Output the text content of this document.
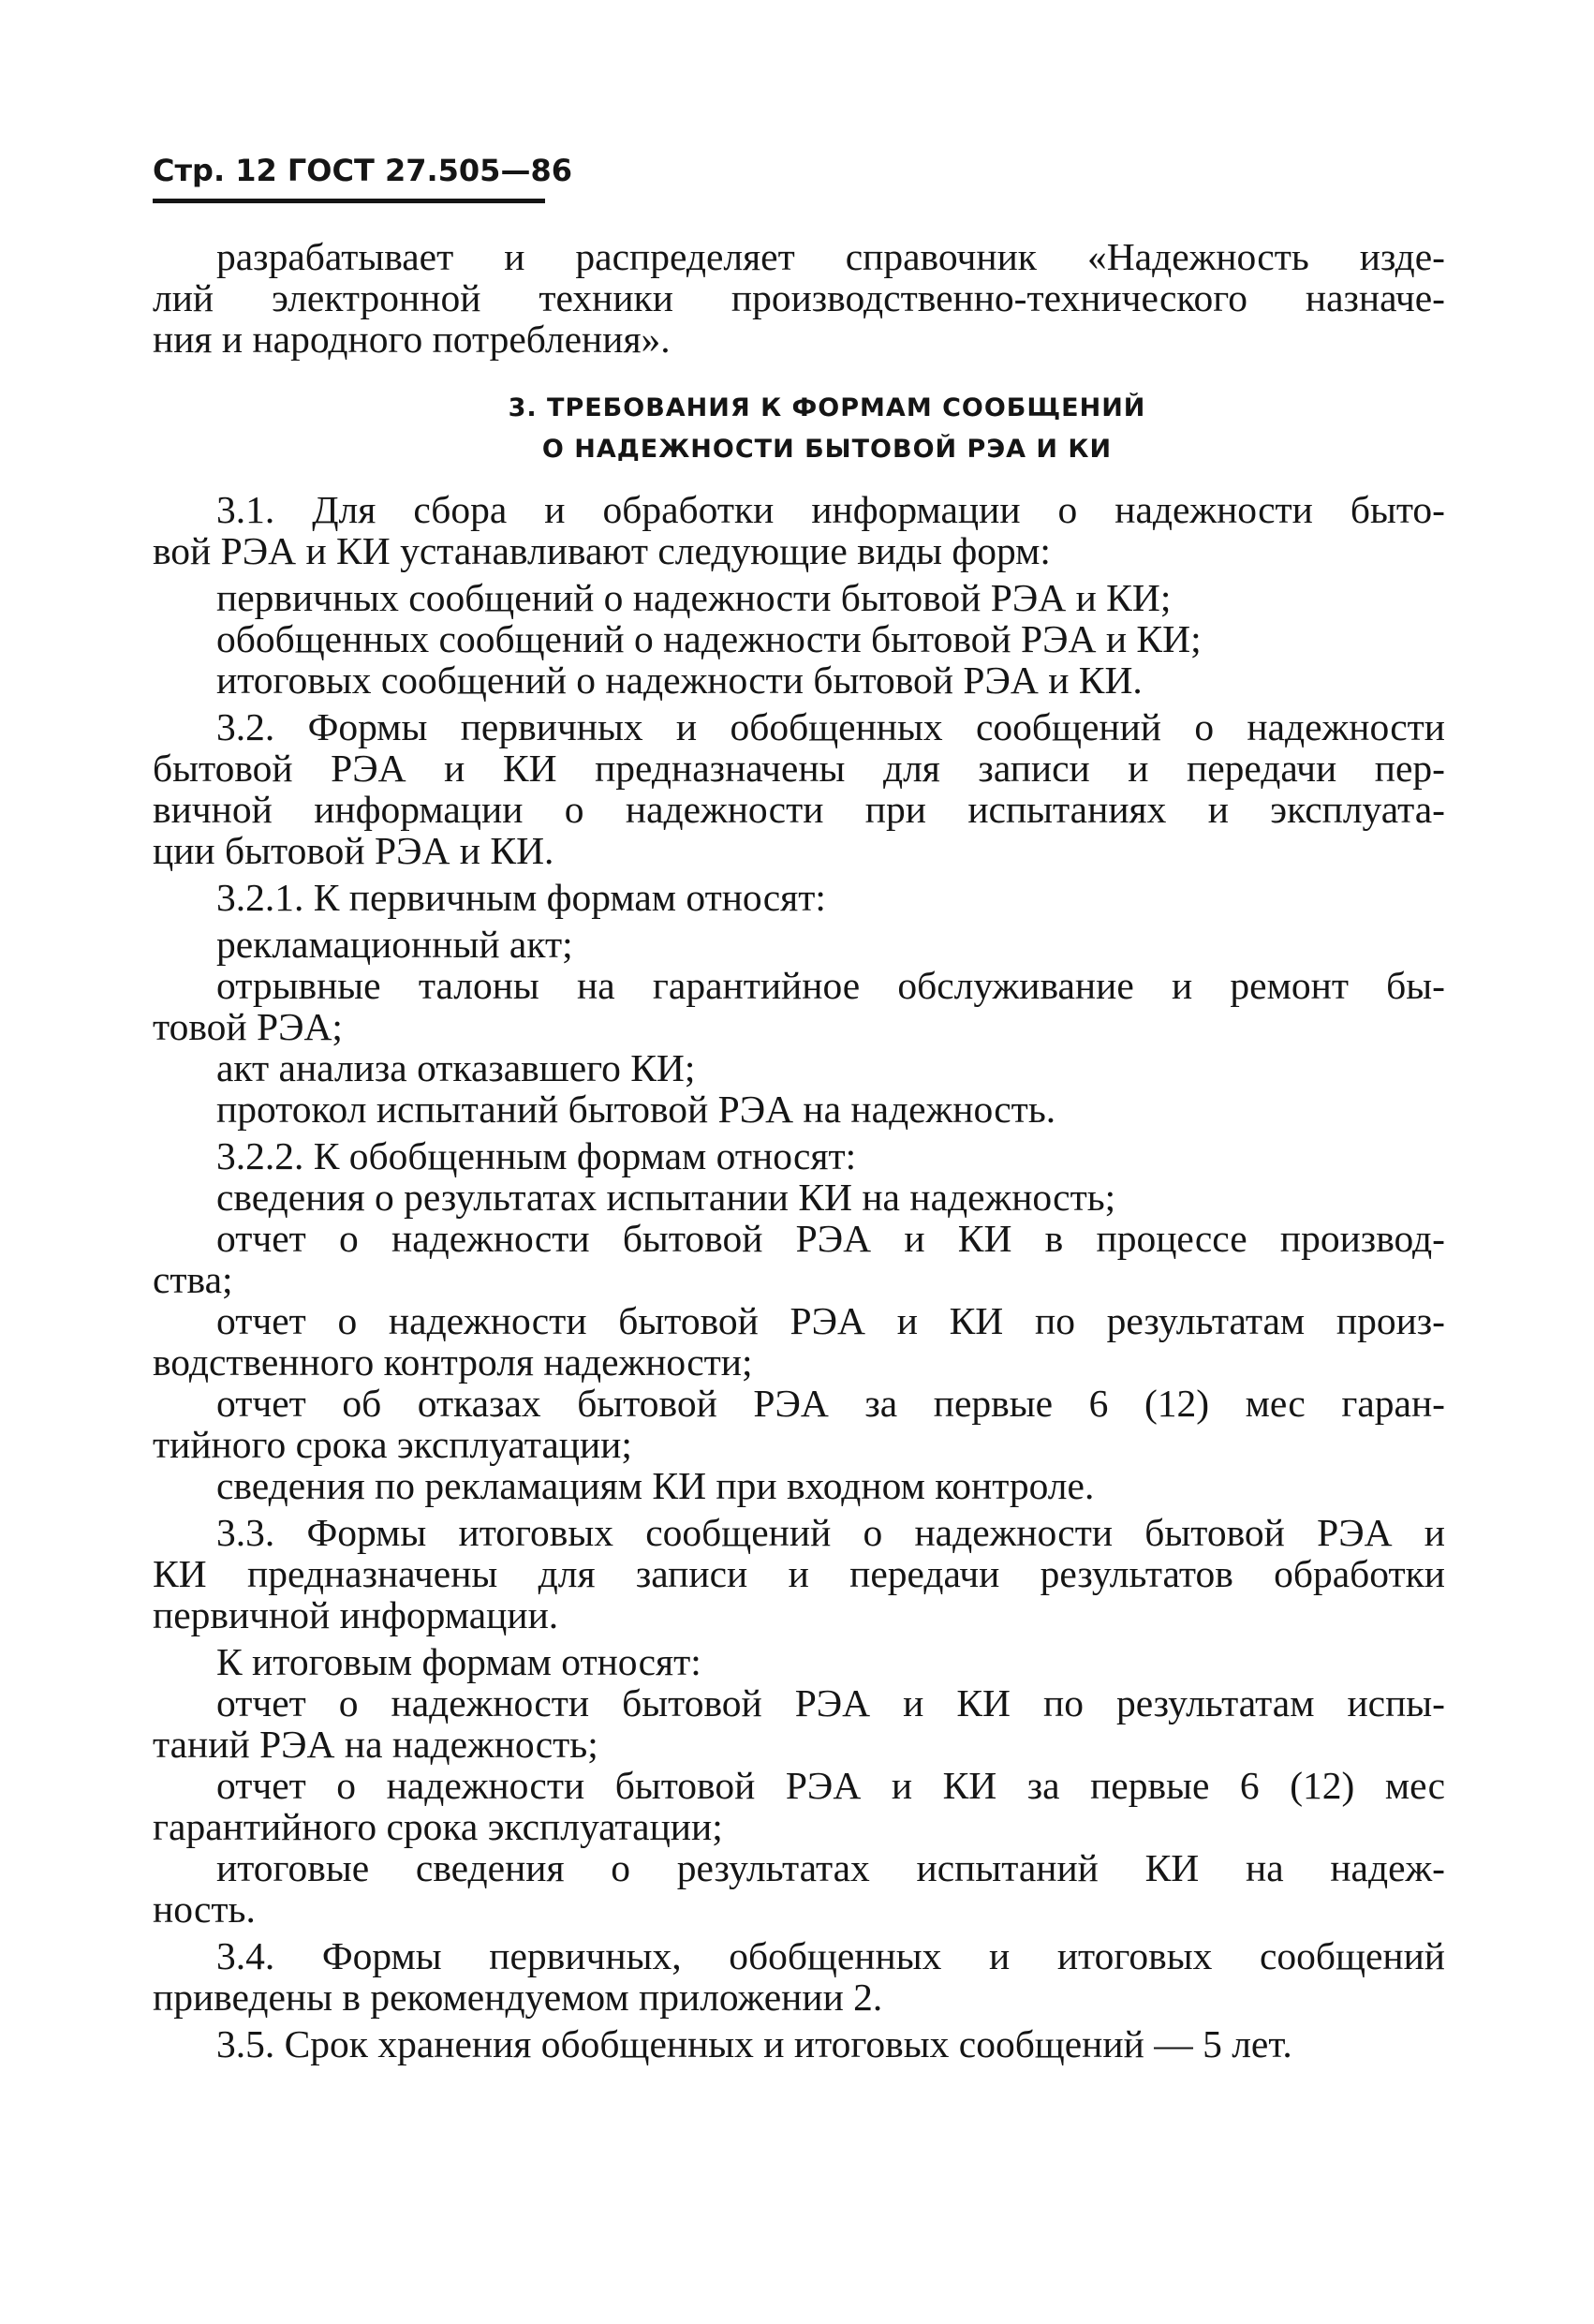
Стр. 12 ГОСТ 27.505—86
разрабатывает и распределяет справочник «Надежность изде-
лий электронной техники производственно-технического назначе-
ния и народного потребления».
3. ТРЕБОВАНИЯ К ФОРМАМ СООБЩЕНИЙ
О НАДЕЖНОСТИ БЫТОВОЙ РЭА И КИ
3.1. Для сбора и обработки информации о надежности быто-
вой РЭА и КИ устанавливают следующие виды форм:
первичных сообщений о надежности бытовой РЭА и КИ;
обобщенных сообщений о надежности бытовой РЭА и КИ;
итоговых сообщений о надежности бытовой РЭА и КИ.
3.2. Формы первичных и обобщенных сообщений о надежности
бытовой РЭА и КИ предназначены для записи и передачи пер-
вичной информации о надежности при испытаниях и эксплуата-
ции бытовой РЭА и КИ.
3.2.1. К первичным формам относят:
рекламационный акт;
отрывные талоны на гарантийное обслуживание и ремонт бы-
товой РЭА;
акт анализа отказавшего КИ;
протокол испытаний бытовой РЭА на надежность.
3.2.2. К обобщенным формам относят:
сведения о результатах испытании КИ на надежность;
отчет о надежности бытовой РЭА и КИ в процессе производ-
ства;
отчет о надежности бытовой РЭА и КИ по результатам произ-
водственного контроля надежности;
отчет об отказах бытовой РЭА за первые 6 (12) мес гаран-
тийного срока эксплуатации;
сведения по рекламациям КИ при входном контроле.
3.3. Формы итоговых сообщений о надежности бытовой РЭА и
КИ предназначены для записи и передачи результатов обработки
первичной информации.
К итоговым формам относят:
отчет о надежности бытовой РЭА и КИ по результатам испы-
таний РЭА на надежность;
отчет о надежности бытовой РЭА и КИ за первые 6 (12) мес
гарантийного срока эксплуатации;
итоговые сведения о результатах испытаний КИ на надеж-
ность.
3.4. Формы первичных, обобщенных и итоговых сообщений
приведены в рекомендуемом приложении 2.
3.5. Срок хранения обобщенных и итоговых сообщений — 5 лет.
